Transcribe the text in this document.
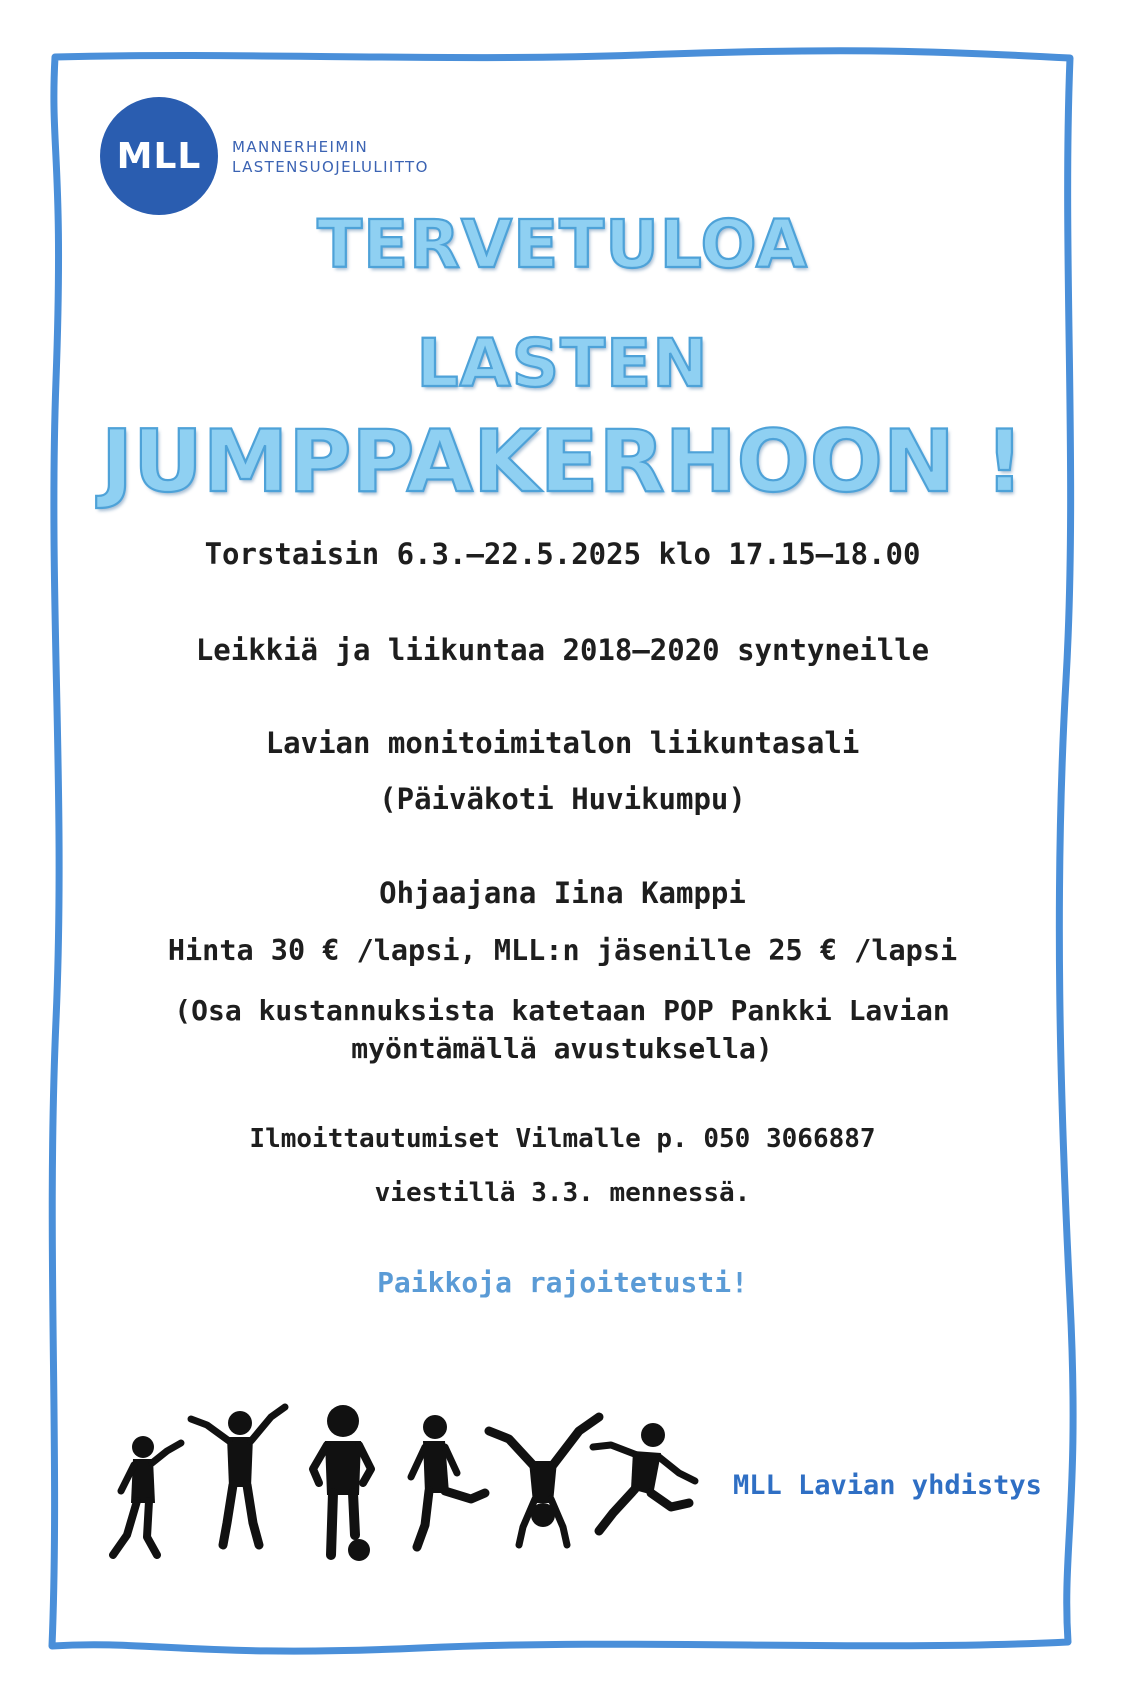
MLL MANNERHEIMIN
LASTENSUOJELULIITTO
TERVETULOA
LASTEN
JUMPPAKERHOON !
Torstaisin 6.3.–22.5.2025 klo 17.15–18.00
Leikkiä ja liikuntaa 2018–2020 syntyneille
Lavian monitoimitalon liikuntasali
(Päiväkoti Huvikumpu)
Ohjaajana Iina Kamppi
Hinta 30 € /lapsi, MLL:n jäsenille 25 € /lapsi
(Osa kustannuksista katetaan POP Pankki Lavian myöntämällä avustuksella)
Ilmoittautumiset Vilmalle p. 050 3066887
viestillä 3.3. mennessä.
Paikkoja rajoitetusti!
MLL Lavian yhdistys
